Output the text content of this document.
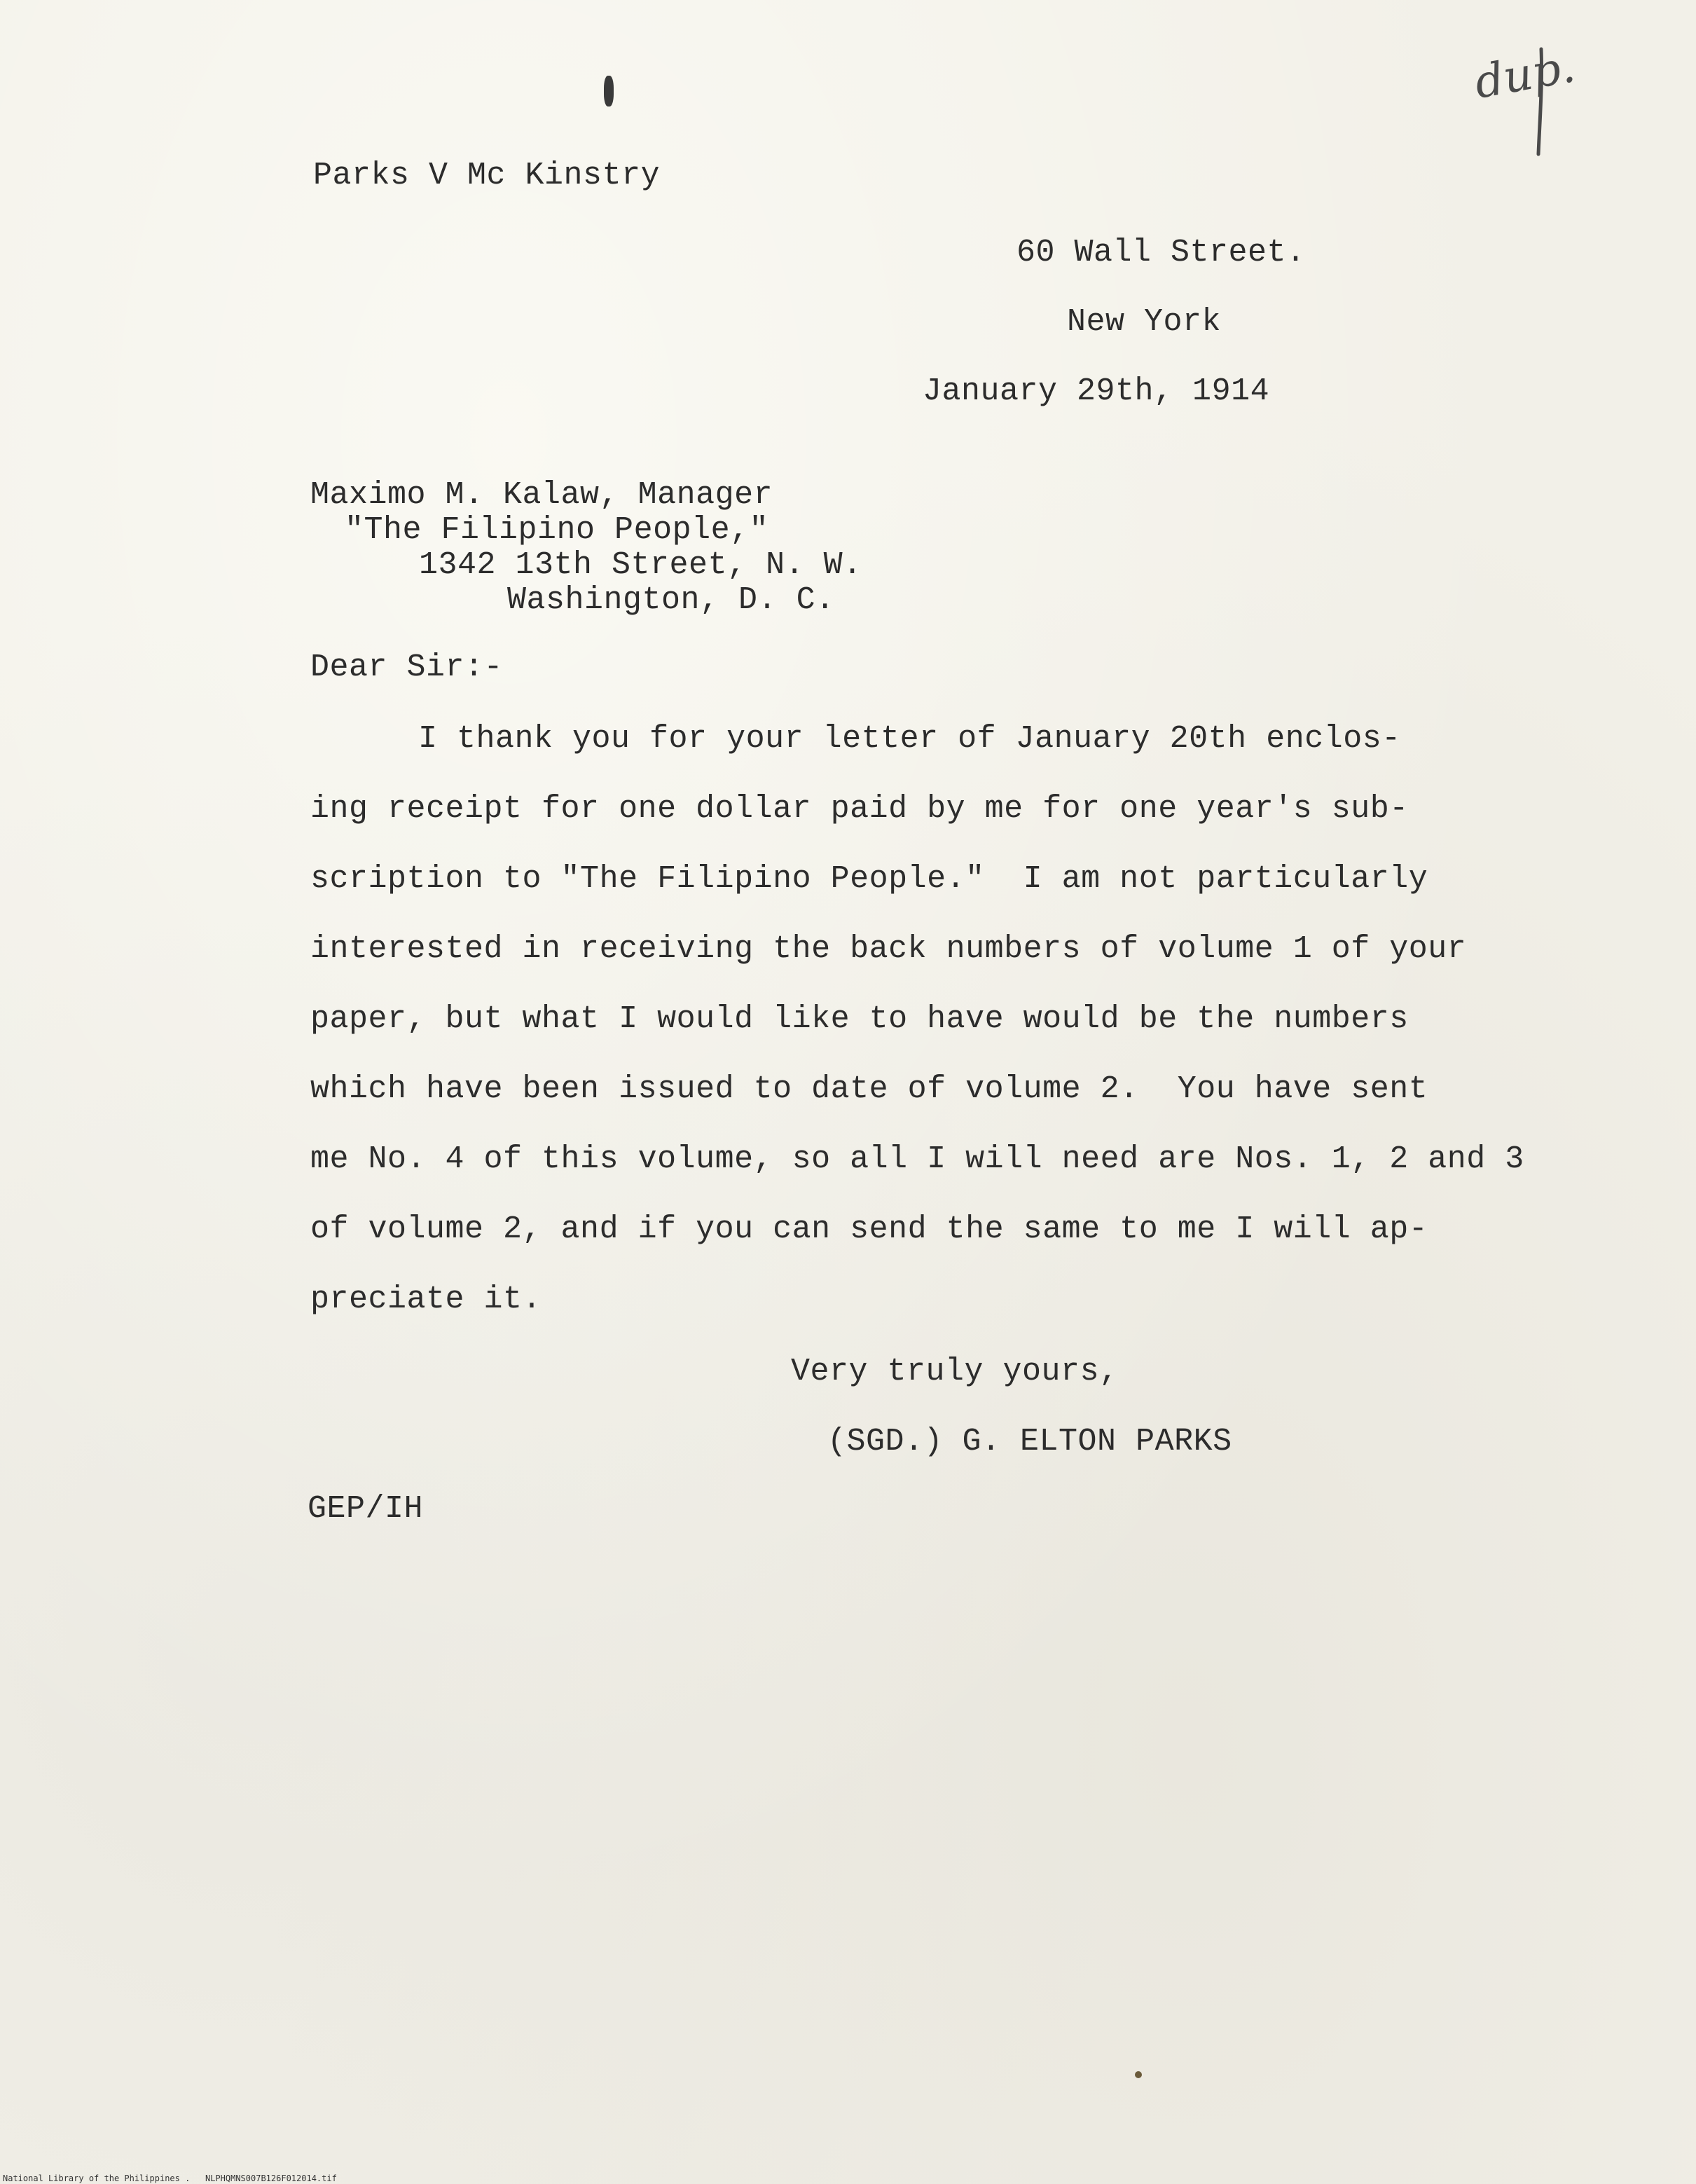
dup.
Parks V Mc Kinstry
60 Wall Street.
New York
January 29th, 1914
Maximo M. Kalaw, Manager
"The Filipino People,"
1342 13th Street, N. W.
Washington, D. C.
Dear Sir:-
I thank you for your letter of January 20th enclos-
ing receipt for one dollar paid by me for one year's sub-
scription to "The Filipino People."  I am not particularly
interested in receiving the back numbers of volume 1 of your
paper, but what I would like to have would be the numbers
which have been issued to date of volume 2.  You have sent
me No. 4 of this volume, so all I will need are Nos. 1, 2 and 3
of volume 2, and if you can send the same to me I will ap-
preciate it.
Very truly yours,
(SGD.) G. ELTON PARKS
GEP/IH
National Library of the Philippines .   NLPHQMNS007B126F012014.tif
